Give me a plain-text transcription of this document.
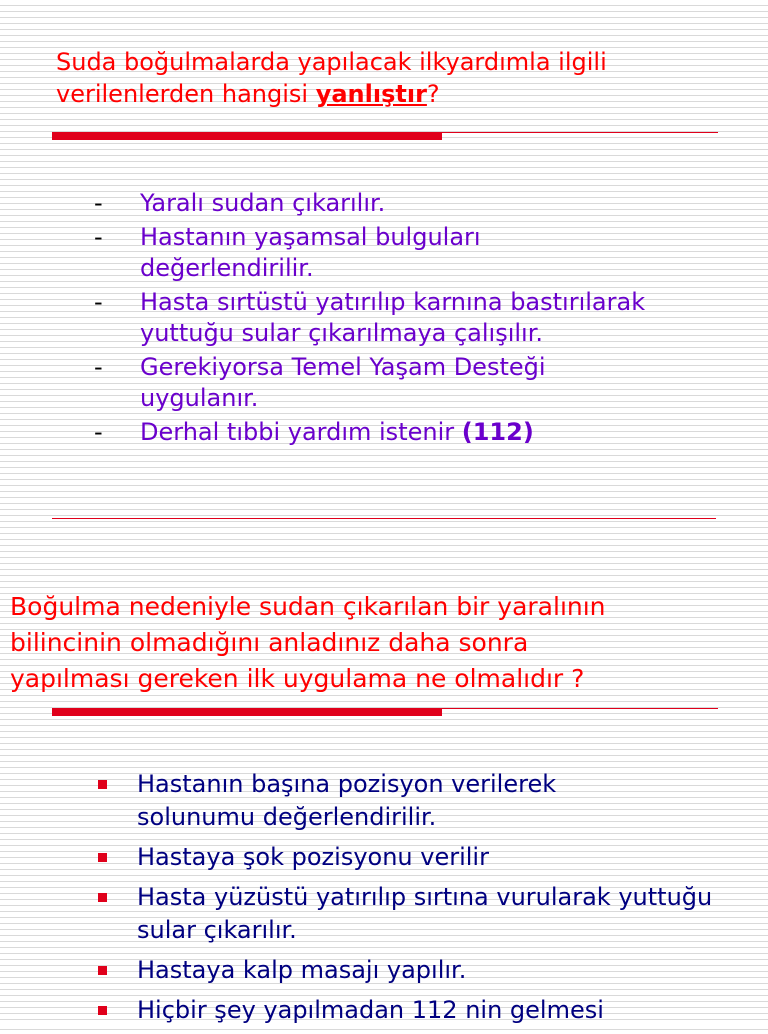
Suda boğulmalarda yapılacak ilkyardımla ilgili
verilenlerden hangisi yanlıştır?
- Yaralı sudan çıkarılır.
- Hastanın yaşamsal bulguları değerlendirilir.
- Hasta sırtüstü yatırılıp karnına bastırılarak yuttuğu sular çıkarılmaya çalışılır.
- Gerekiyorsa Temel Yaşam Desteği uygulanır.
- Derhal tıbbi yardım istenir (112)
Boğulma nedeniyle sudan çıkarılan bir yaralının
bilincinin olmadığını anladınız daha sonra
yapılması gereken ilk uygulama ne olmalıdır ?
Hastanın başına pozisyon verilerek solunumu değerlendirilir.
Hastaya şok pozisyonu verilir
Hasta yüzüstü yatırılıp sırtına vurularak yuttuğu sular çıkarılır.
Hastaya kalp masajı yapılır.
Hiçbir şey yapılmadan 112 nin gelmesi
